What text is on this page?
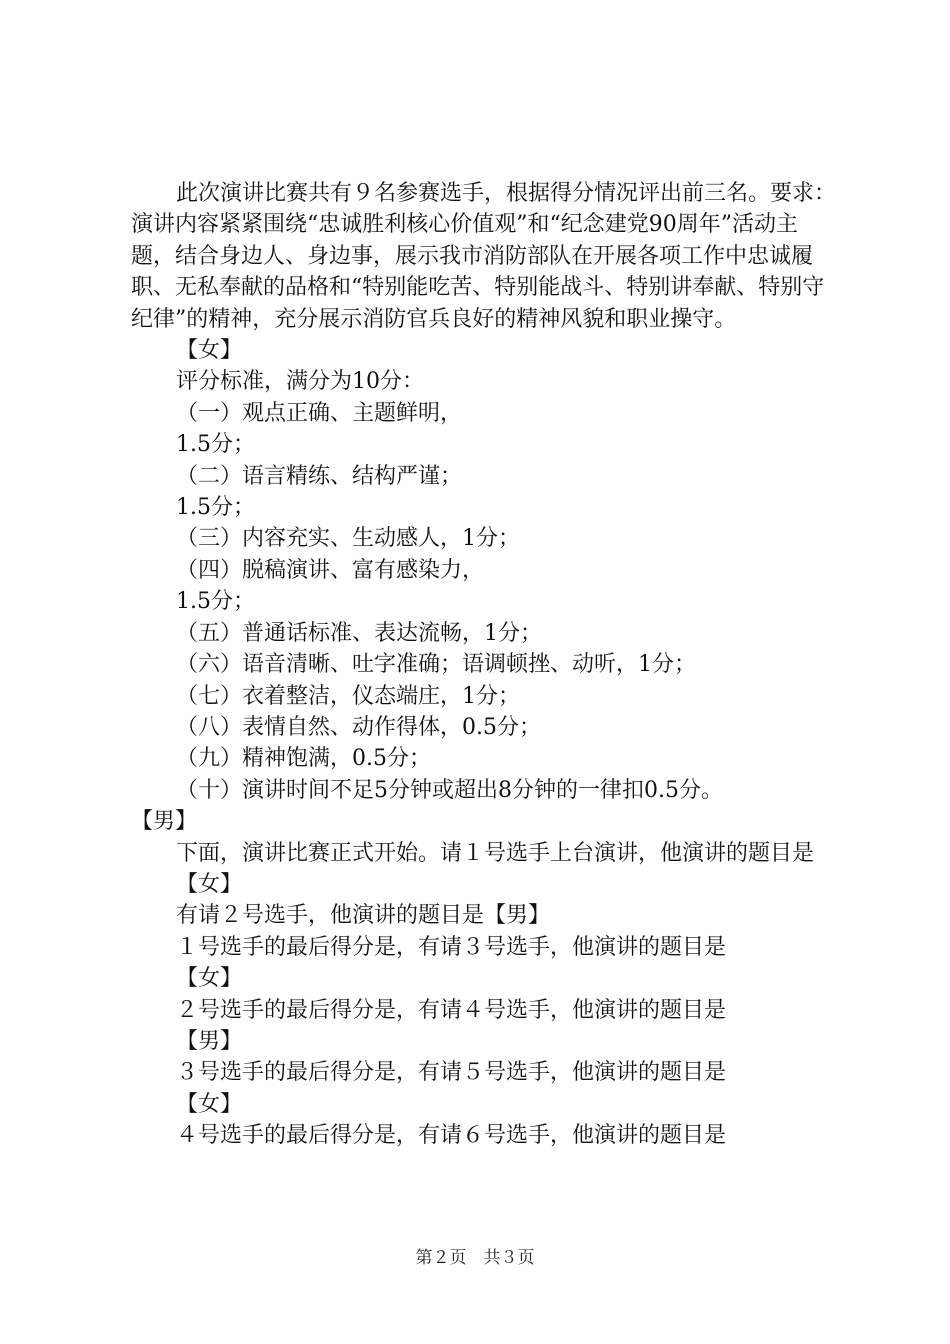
此次演讲比赛共有９名参赛选手，根据得分情况评出前三名。要求：演讲内容紧紧围绕“忠诚胜利核心价值观”和“纪念建党90周年”活动主题，结合身边人、身边事，展示我市消防部队在开展各项工作中忠诚履职、无私奉献的品格和“特别能吃苦、特别能战斗、特别讲奉献、特别守纪律”的精神，充分展示消防官兵良好的精神风貌和职业操守。

【女】

评分标准，满分为10分：

（一）观点正确、主题鲜明，

1.5分；

（二）语言精练、结构严谨；

1.5分；

（三）内容充实、生动感人，1分；

（四）脱稿演讲、富有感染力，

1.5分；

（五）普通话标准、表达流畅，1分；

（六）语音清晰、吐字准确；语调顿挫、动听，1分；

（七）衣着整洁，仪态端庄，1分；

（八）表情自然、动作得体，0.5分；

（九）精神饱满，0.5分；

（十）演讲时间不足5分钟或超出8分钟的一律扣0.5分。

【男】

下面，演讲比赛正式开始。请１号选手上台演讲，他演讲的题目是

【女】

有请２号选手，他演讲的题目是【男】

１号选手的最后得分是，有请３号选手，他演讲的题目是

【女】

２号选手的最后得分是，有请４号选手，他演讲的题目是

【男】

３号选手的最后得分是，有请５号选手，他演讲的题目是

【女】

４号选手的最后得分是，有请６号选手，他演讲的题目是

第２页　共３页
